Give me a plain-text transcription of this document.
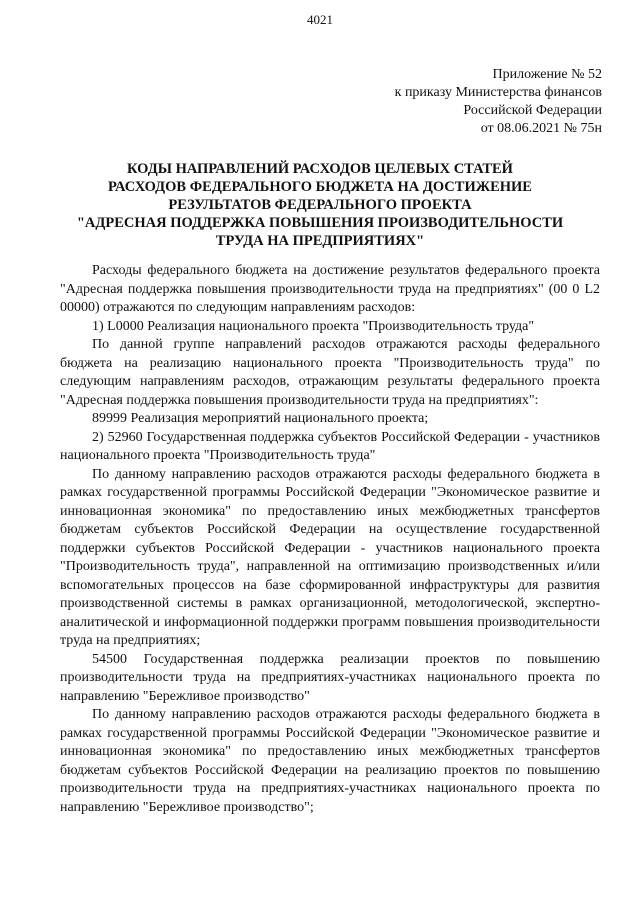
4021
Приложение № 52
к приказу Министерства финансов
Российской Федерации
от 08.06.2021 № 75н
КОДЫ НАПРАВЛЕНИЙ РАСХОДОВ ЦЕЛЕВЫХ СТАТЕЙ
РАСХОДОВ ФЕДЕРАЛЬНОГО БЮДЖЕТА НА ДОСТИЖЕНИЕ
РЕЗУЛЬТАТОВ ФЕДЕРАЛЬНОГО ПРОЕКТА
"АДРЕСНАЯ ПОДДЕРЖКА ПОВЫШЕНИЯ ПРОИЗВОДИТЕЛЬНОСТИ
ТРУДА НА ПРЕДПРИЯТИЯХ"

Расходы федерального бюджета на достижение результатов федерального проекта "Адресная поддержка повышения производительности труда на предприятиях" (00 0 L2 00000) отражаются по следующим направлениям расходов:

1) L0000 Реализация национального проекта "Производительность труда"

По данной группе направлений расходов отражаются расходы федерального бюджета на реализацию национального проекта "Производительность труда" по следующим направлениям расходов, отражающим результаты федерального проекта "Адресная поддержка повышения производительности труда на предприятиях":

89999 Реализация мероприятий национального проекта;

2) 52960 Государственная поддержка субъектов Российской Федерации - участников национального проекта "Производительность труда"

По данному направлению расходов отражаются расходы федерального бюджета в рамках государственной программы Российской Федерации "Экономическое развитие и инновационная экономика" по предоставлению иных межбюджетных трансфертов бюджетам субъектов Российской Федерации на осуществление государственной поддержки субъектов Российской Федерации - участников национального проекта "Производительность труда", направленной на оптимизацию производственных и/или вспомогательных процессов на базе сформированной инфраструктуры для развития производственной системы в рамках организационной, методологической, экспертно-аналитической и информационной поддержки программ повышения производительности труда на предприятиях;

54500 Государственная поддержка реализации проектов по повышению производительности труда на предприятиях-участниках национального проекта по направлению "Бережливое производство"

По данному направлению расходов отражаются расходы федерального бюджета в рамках государственной программы Российской Федерации "Экономическое развитие и инновационная экономика" по предоставлению иных межбюджетных трансфертов бюджетам субъектов Российской Федерации на реализацию проектов по повышению производительности труда на предприятиях-участниках национального проекта по направлению "Бережливое производство";
